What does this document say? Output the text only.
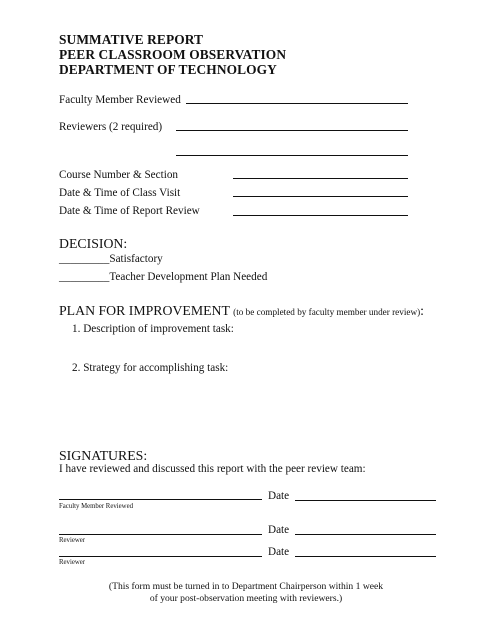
SUMMATIVE REPORT
PEER CLASSROOM OBSERVATION
DEPARTMENT OF TECHNOLOGY
Faculty Member Reviewed
Reviewers (2 required)
Course Number & Section
Date & Time of Class Visit
Date & Time of Report Review
DECISION:
_________Satisfactory
_________Teacher Development Plan Needed
PLAN FOR IMPROVEMENT (to be completed by faculty member under review):
1. Description of improvement task:
2. Strategy for accomplishing task:
SIGNATURES:
I have reviewed and discussed this report with the peer review team:
Date
Faculty Member Reviewed
Date
Reviewer
Date
Reviewer
(This form must be turned in to Department Chairperson within 1 week
of your post-observation meeting with reviewers.)
